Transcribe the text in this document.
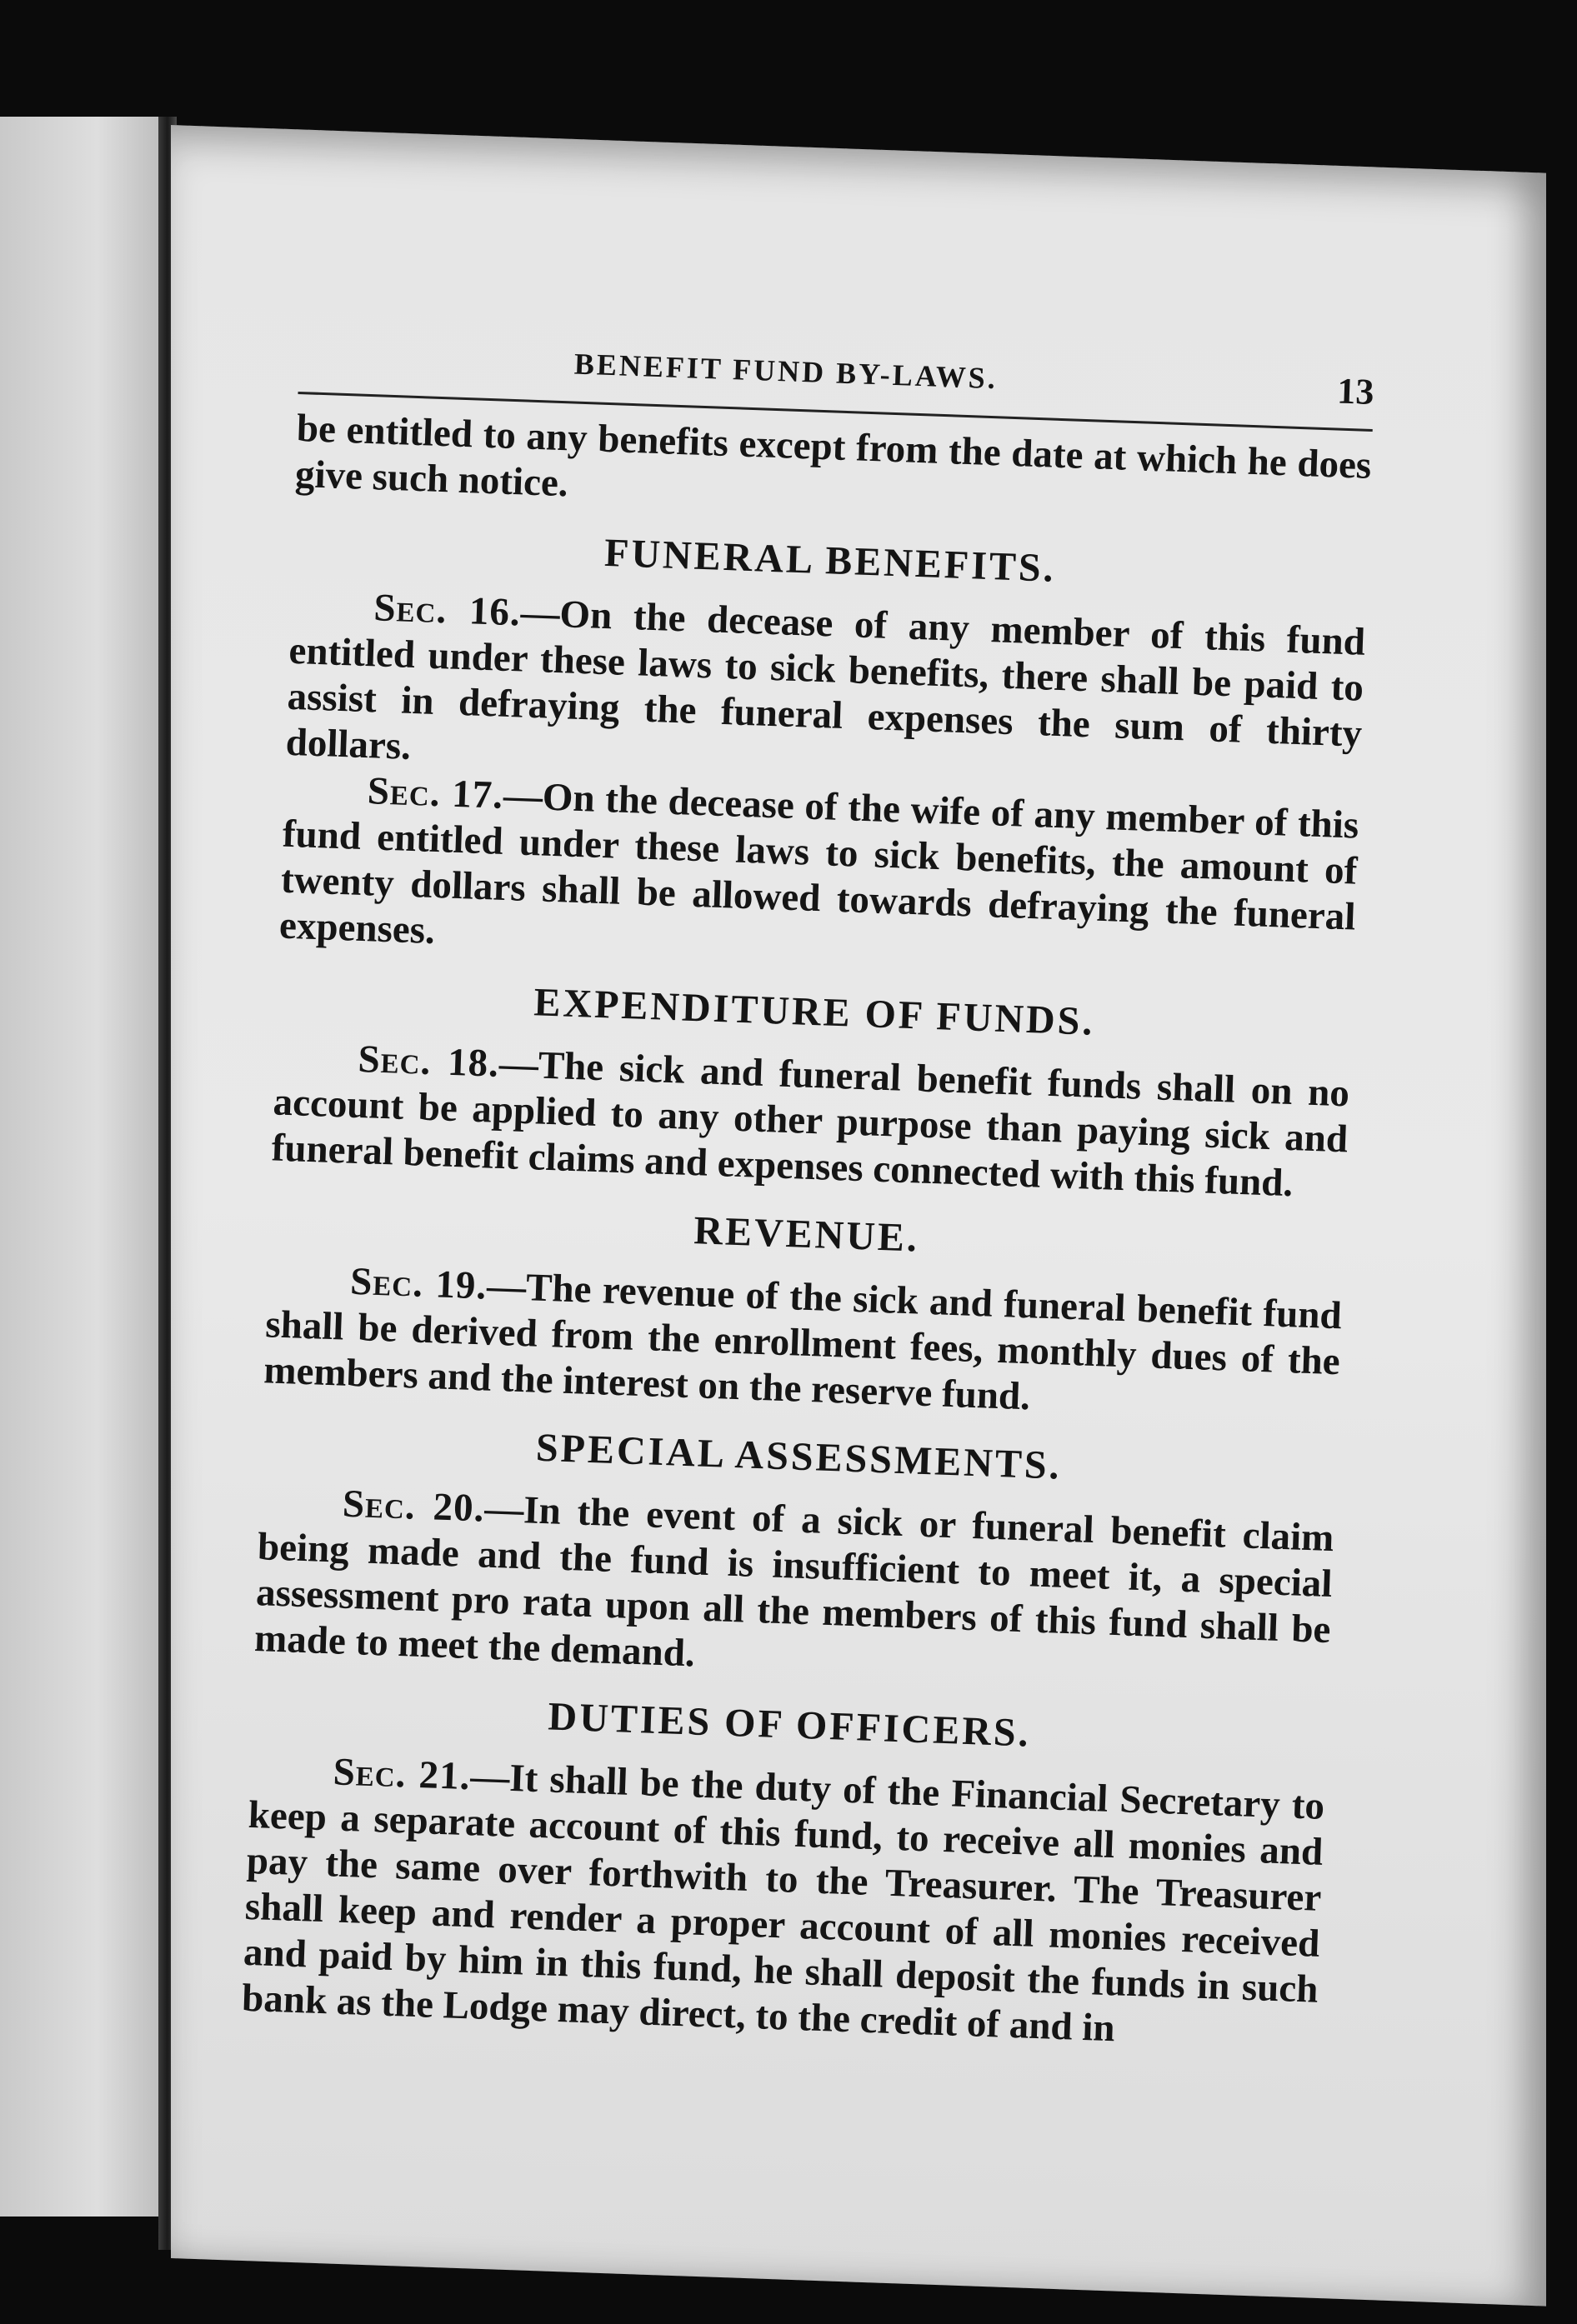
BENEFIT FUND BY-LAWS.	13

be entitled to any benefits except from the date at which he does give such notice.

FUNERAL BENEFITS.

Sec. 16.—On the decease of any member of this fund entitled under these laws to sick benefits, there shall be paid to assist in defraying the funeral expenses the sum of thirty dollars.

Sec. 17.—On the decease of the wife of any member of this fund entitled under these laws to sick benefits, the amount of twenty dollars shall be allowed towards defraying the funeral expenses.

EXPENDITURE OF FUNDS.

Sec. 18.—The sick and funeral benefit funds shall on no account be applied to any other purpose than paying sick and funeral benefit claims and expenses connected with this fund.

REVENUE.

Sec. 19.—The revenue of the sick and funeral benefit fund shall be derived from the enrollment fees, monthly dues of the members and the interest on the reserve fund.

SPECIAL ASSESSMENTS.

Sec. 20.—In the event of a sick or funeral benefit claim being made and the fund is insufficient to meet it, a special assessment pro rata upon all the members of this fund shall be made to meet the demand.

DUTIES OF OFFICERS.

Sec. 21.—It shall be the duty of the Financial Secretary to keep a separate account of this fund, to receive all monies and pay the same over forthwith to the Treasurer. The Treasurer shall keep and render a proper account of all monies received and paid by him in this fund, he shall deposit the funds in such bank as the Lodge may direct, to the credit of and in
